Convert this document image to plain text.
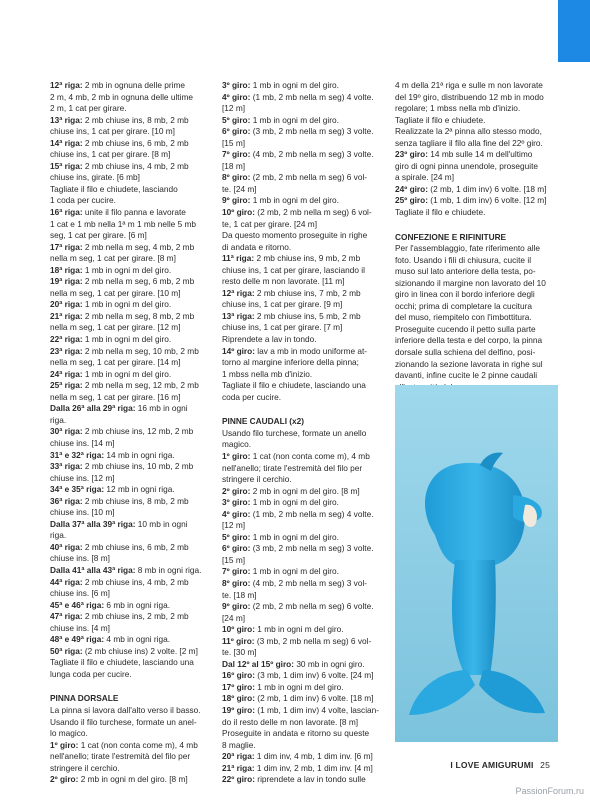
12ª riga: 2 mb in ognuna delle prime
2 m, 4 mb, 2 mb in ognuna delle ultime
2 m, 1 cat per girare.
13ª riga: 2 mb chiuse ins, 8 mb, 2 mb
chiuse ins, 1 cat per girare. [10 m]
14ª riga: 2 mb chiuse ins, 6 mb, 2 mb
chiuse ins, 1 cat per girare. [8 m]
15ª riga: 2 mb chiuse ins, 4 mb, 2 mb
chiuse ins, girate. [6 mb]
Tagliate il filo e chiudete, lasciando
1 coda per cucire.
16ª riga: unite il filo panna e lavorate
1 cat e 1 mb nella 1ª m 1 mb nelle 5 mb
seg, 1 cat per girare. [6 m]
17ª riga: 2 mb nella m seg, 4 mb, 2 mb
nella m seg, 1 cat per girare. [8 m]
18ª riga: 1 mb in ogni m del giro.
19ª riga: 2 mb nella m seg, 6 mb, 2 mb
nella m seg, 1 cat per girare. [10 m]
20ª riga: 1 mb in ogni m del giro.
21ª riga: 2 mb nella m seg, 8 mb, 2 mb
nella m seg, 1 cat per girare. [12 m]
22ª riga: 1 mb in ogni m del giro.
23ª riga: 2 mb nella m seg, 10 mb, 2 mb
nella m seg, 1 cat per girare. [14 m]
24ª riga: 1 mb in ogni m del giro.
25ª riga: 2 mb nella m seg, 12 mb, 2 mb
nella m seg, 1 cat per girare. [16 m]
Dalla 26ª alla 29ª riga: 16 mb in ogni
riga.
30ª riga: 2 mb chiuse ins, 12 mb, 2 mb
chiuse ins. [14 m]
31ª e 32ª riga: 14 mb in ogni riga.
33ª riga: 2 mb chiuse ins, 10 mb, 2 mb
chiuse ins. [12 m]
34ª e 35ª riga: 12 mb in ogni riga.
36ª riga: 2 mb chiuse ins, 8 mb, 2 mb
chiuse ins. [10 m]
Dalla 37ª alla 39ª riga: 10 mb in ogni
riga.
40ª riga: 2 mb chiuse ins, 6 mb, 2 mb
chiuse ins. [8 m]
Dalla 41ª alla 43ª riga: 8 mb in ogni riga.
44ª riga: 2 mb chiuse ins, 4 mb, 2 mb
chiuse ins. [6 m]
45ª e 46ª riga: 6 mb in ogni riga.
47ª riga: 2 mb chiuse ins, 2 mb, 2 mb
chiuse ins. [4 m]
48ª e 49ª riga: 4 mb in ogni riga.
50ª riga: (2 mb chiuse ins) 2 volte. [2 m]
Tagliate il filo e chiudete, lasciando una
lunga coda per cucire.
PINNA DORSALE
La pinna si lavora dall'alto verso il basso.
Usando il filo turchese, formate un anel-
lo magico.
1º giro: 1 cat (non conta come m), 4 mb
nell'anello; tirate l'estremità del filo per
stringere il cerchio.
2º giro: 2 mb in ogni m del giro. [8 m]
3º giro: 1 mb in ogni m del giro.
4º giro: (1 mb, 2 mb nella m seg) 4 volte.
[12 m]
5º giro: 1 mb in ogni m del giro.
6º giro: (3 mb, 2 mb nella m seg) 3 volte.
[15 m]
7º giro: (4 mb, 2 mb nella m seg) 3 volte.
[18 m]
8º giro: (2 mb, 2 mb nella m seg) 6 vol-
te. [24 m]
9º giro: 1 mb in ogni m del giro.
10º giro: (2 mb, 2 mb nella m seg) 6 vol-
te, 1 cat per girare. [24 m]
Da questo momento proseguite in righe
di andata e ritorno.
11ª riga: 2 mb chiuse ins, 9 mb, 2 mb
chiuse ins, 1 cat per girare, lasciando il
resto delle m non lavorate. [11 m]
12ª riga: 2 mb chiuse ins, 7 mb, 2 mb
chiuse ins, 1 cat per girare. [9 m]
13ª riga: 2 mb chiuse ins, 5 mb, 2 mb
chiuse ins, 1 cat per girare. [7 m]
Riprendete a lav in tondo.
14º giro: lav a mb in modo uniforme at-
torno al margine inferiore della pinna;
1 mbss nella mb d'inizio.
Tagliate il filo e chiudete, lasciando una
coda per cucire.
PINNE CAUDALI (x2)
Usando filo turchese, formate un anello
magico.
1º giro: 1 cat (non conta come m), 4 mb
nell'anello; tirate l'estremità del filo per
stringere il cerchio.
2º giro: 2 mb in ogni m del giro. [8 m]
3º giro: 1 mb in ogni m del giro.
4º giro: (1 mb, 2 mb nella m seg) 4 volte.
[12 m]
5º giro: 1 mb in ogni m del giro.
6º giro: (3 mb, 2 mb nella m seg) 3 volte.
[15 m]
7º giro: 1 mb in ogni m del giro.
8º giro: (4 mb, 2 mb nella m seg) 3 vol-
te. [18 m]
9º giro: (2 mb, 2 mb nella m seg) 6 volte.
[24 m]
10º giro: 1 mb in ogni m del giro.
11º giro: (3 mb, 2 mb nella m seg) 6 vol-
te. [30 m]
Dal 12º al 15º giro: 30 mb in ogni giro.
16º giro: (3 mb, 1 dim inv) 6 volte. [24 m]
17º giro: 1 mb in ogni m del giro.
18º giro: (2 mb, 1 dim inv) 6 volte. [18 m]
19º giro: (1 mb, 1 dim inv) 4 volte, lascian-
do il resto delle m non lavorate. [8 m]
Proseguite in andata e ritorno su queste
8 maglie.
20ª riga: 1 dim inv, 4 mb, 1 dim inv. [6 m]
21ª riga: 1 dim inv, 2 mb, 1 dim inv. [4 m]
22º giro: riprendete a lav in tondo sulle
4 m della 21ª riga e sulle m non lavorate
del 19º giro, distribuendo 12 mb in modo
regolare; 1 mbss nella mb d'inizio.
Tagliate il filo e chiudete.
Realizzate la 2ª pinna allo stesso modo,
senza tagliare il filo alla fine del 22º giro.
23º giro: 14 mb sulle 14 m dell'ultimo
giro di ogni pinna unendole, proseguite
a spirale. [24 m]
24º giro: (2 mb, 1 dim inv) 6 volte. [18 m]
25º giro: (1 mb, 1 dim inv) 6 volte. [12 m]
Tagliate il filo e chiudete.
CONFEZIONE E RIFINITURE
Per l'assemblaggio, fate riferimento alle
foto. Usando i fili di chiusura, cucite il
muso sul lato anteriore della testa, po-
sizionando il margine non lavorato del 10
giro in linea con il bordo inferiore degli
occhi; prima di completare la cucitura
del muso, riempitelo con l'imbottitura.
Proseguite cucendo il petto sulla parte
inferiore della testa e del corpo, la pinna
dorsale sulla schiena del delfino, posi-
zionando la sezione lavorata in righe sul
davanti, infine cucite le 2 pinne caudali
I LOVE AMIGURUMI 25
PassionForum.ru
